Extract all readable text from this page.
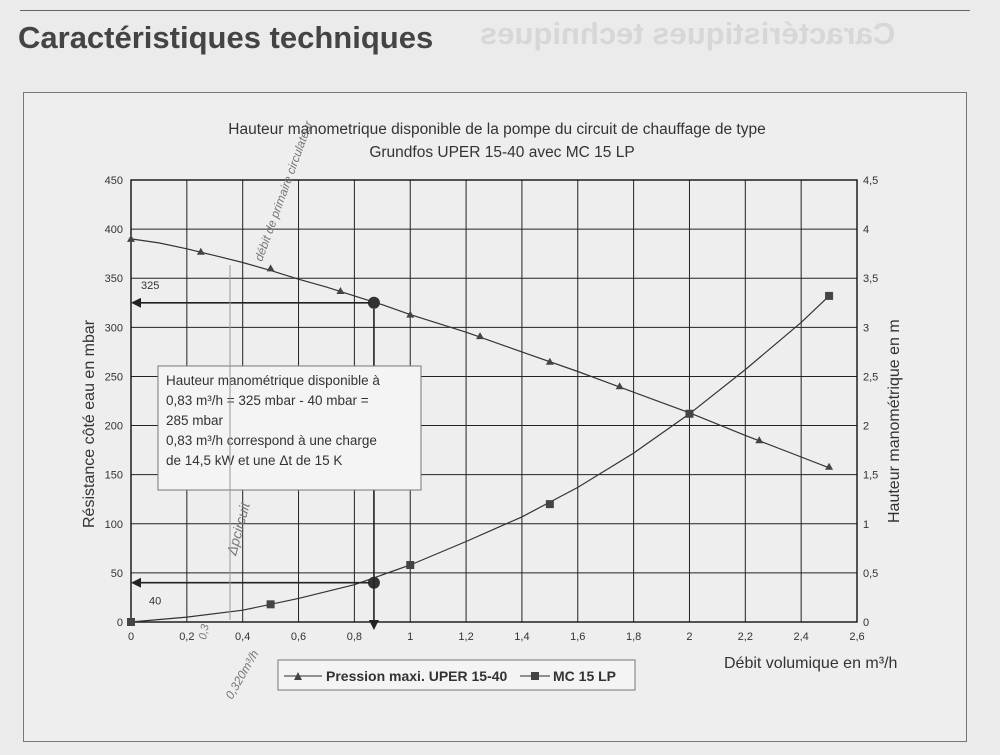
Caractéristiques techniques
Caractéristiques techniques
Hauteur manometrique disponible de la pompe du circuit de chauffage de type
Grundfos UPER 15-40 avec MC 15 LP
0	0,2	0,4	0,6	0,8	1	1,2	1,4	1,6	1,8	2	2,2	2,4	2,6
0
50
100
150
200
250
300
350
400
450
0
0,5
1
1,5
2
2,5
3
3,5
4
4,5
325
40
Résistance côté eau en mbar	Hauteur manométrique en m
Débit volumique en m³/h
Hauteur manométrique disponible à
0,83 m³/h = 325 mbar - 40 mbar =
285 mbar
0,83 m³/h correspond à une charge
de 14,5 kW et une Δt de 15 K
Pression maxi. UPER 15-40	MC 15 LP
débit de primaire circulateur
Δpcircuit
0,320m³/h
0,3
